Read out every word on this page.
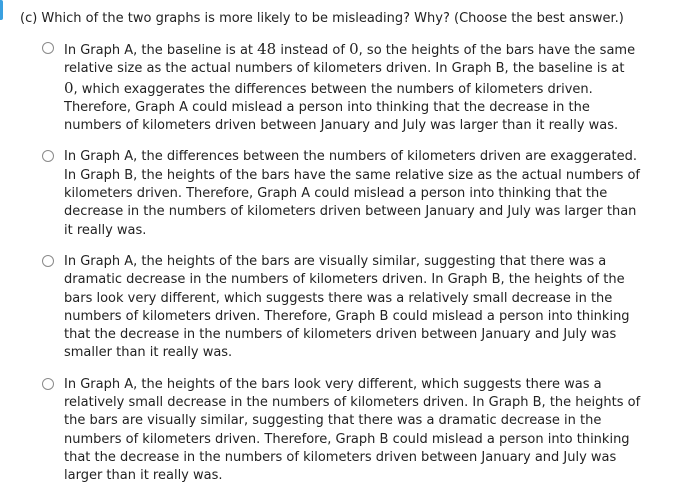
(c) Which of the two graphs is more likely to be misleading? Why? (Choose the best answer.)
In Graph A, the baseline is at 48 instead of 0, so the heights of the bars have the same relative size as the actual numbers of kilometers driven. In Graph B, the baseline is at 0, which exaggerates the differences between the numbers of kilometers driven. Therefore, Graph A could mislead a person into thinking that the decrease in the numbers of kilometers driven between January and July was larger than it really was.
In Graph A, the differences between the numbers of kilometers driven are exaggerated. In Graph B, the heights of the bars have the same relative size as the actual numbers of kilometers driven. Therefore, Graph A could mislead a person into thinking that the decrease in the numbers of kilometers driven between January and July was larger than it really was.
In Graph A, the heights of the bars are visually similar, suggesting that there was a dramatic decrease in the numbers of kilometers driven. In Graph B, the heights of the bars look very different, which suggests there was a relatively small decrease in the numbers of kilometers driven. Therefore, Graph B could mislead a person into thinking that the decrease in the numbers of kilometers driven between January and July was smaller than it really was.
In Graph A, the heights of the bars look very different, which suggests there was a relatively small decrease in the numbers of kilometers driven. In Graph B, the heights of the bars are visually similar, suggesting that there was a dramatic decrease in the numbers of kilometers driven. Therefore, Graph B could mislead a person into thinking that the decrease in the numbers of kilometers driven between January and July was larger than it really was.
